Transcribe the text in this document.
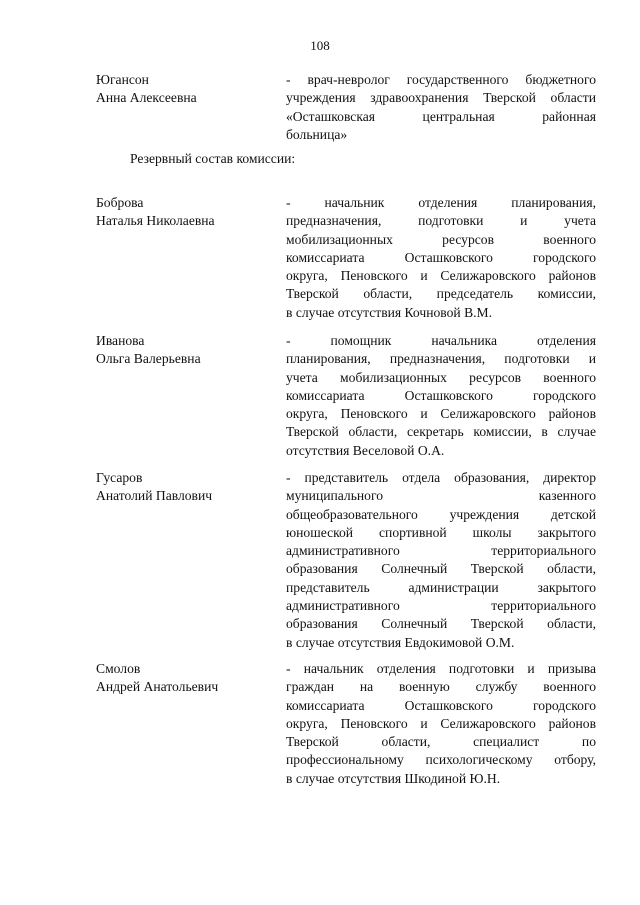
108
Югансон
Анна Алексеевна
- врач-невролог государственного бюджетного
учреждения здравоохранения Тверской области
«Осташковская центральная районная
больница»
Резервный состав комиссии:
Боброва
Наталья Николаевна
- начальник отделения планирования,
предназначения, подготовки и учета
мобилизационных ресурсов военного
комиссариата Осташковского городского
округа, Пеновского и Селижаровского районов
Тверской области, председатель комиссии,
в случае отсутствия Кочновой В.М.
Иванова
Ольга Валерьевна
- помощник начальника отделения
планирования, предназначения, подготовки и
учета мобилизационных ресурсов военного
комиссариата Осташковского городского
округа, Пеновского и Селижаровского районов
Тверской области, секретарь комиссии, в случае
отсутствия Веселовой О.А.
Гусаров
Анатолий Павлович
- представитель отдела образования, директор
муниципального казенного
общеобразовательного учреждения детской
юношеской спортивной школы закрытого
административного территориального
образования Солнечный Тверской области,
представитель администрации закрытого
административного территориального
образования Солнечный Тверской области,
в случае отсутствия Евдокимовой О.М.
Смолов
Андрей Анатольевич
- начальник отделения подготовки и призыва
граждан на военную службу военного
комиссариата Осташковского городского
округа, Пеновского и Селижаровского районов
Тверской области, специалист по
профессиональному психологическому отбору,
в случае отсутствия Шкодиной Ю.Н.
